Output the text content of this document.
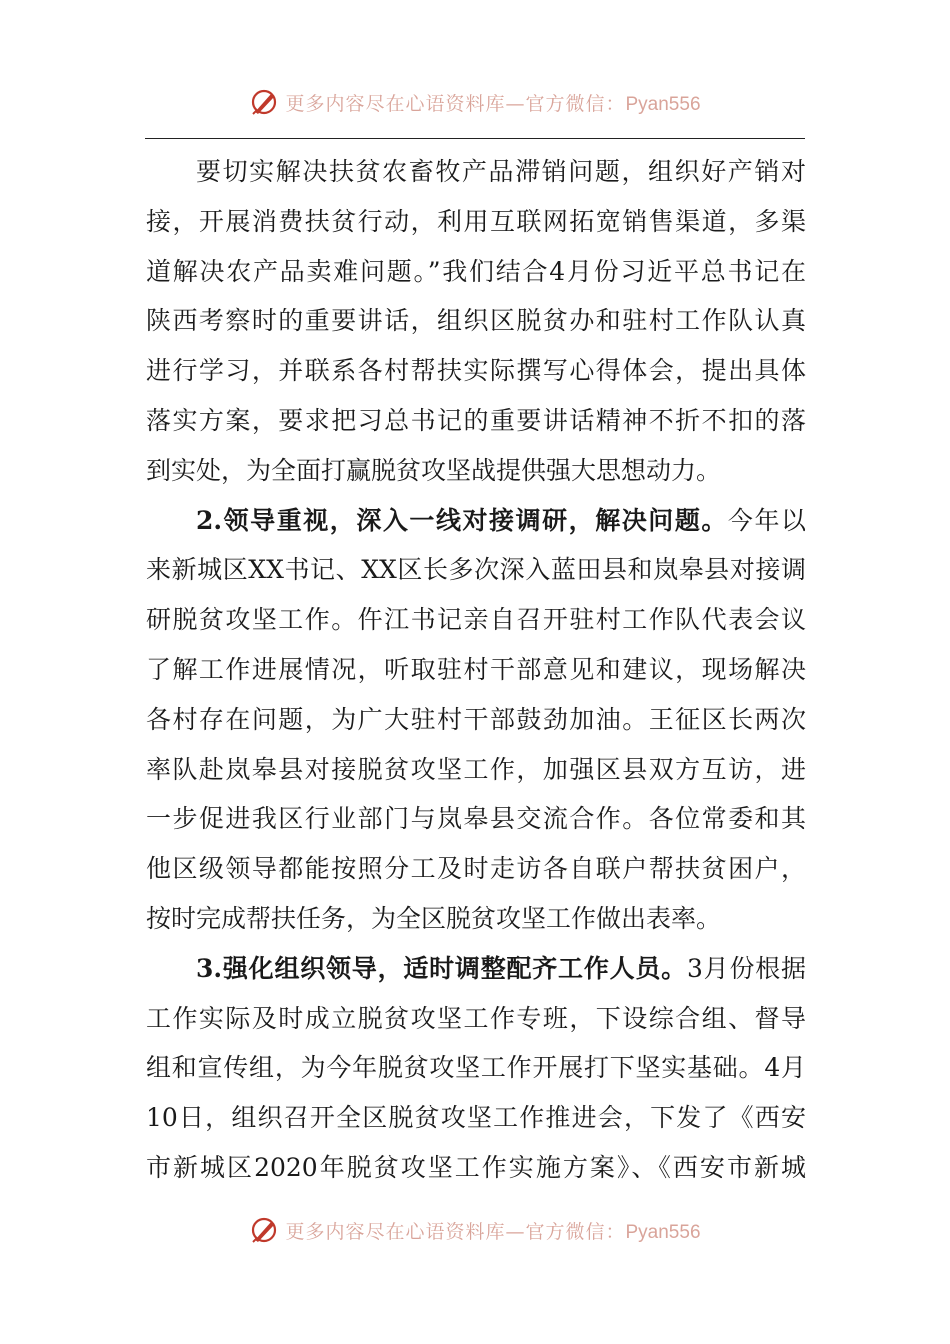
更多内容尽在心语资料库—官方微信：Pyan556
要切实解决扶贫农畜牧产品滞销问题，组织好产销对
接，开展消费扶贫行动，利用互联网拓宽销售渠道，多渠
道解决农产品卖难问题。”我们结合4月份习近平总书记在
陕西考察时的重要讲话，组织区脱贫办和驻村工作队认真
进行学习，并联系各村帮扶实际撰写心得体会，提出具体
落实方案，要求把习总书记的重要讲话精神不折不扣的落
到实处，为全面打赢脱贫攻坚战提供强大思想动力。
2.领导重视，深入一线对接调研，解决问题。今年以
来新城区XX书记、XX区长多次深入蓝田县和岚皋县对接调
研脱贫攻坚工作。仵江书记亲自召开驻村工作队代表会议
了解工作进展情况，听取驻村干部意见和建议，现场解决
各村存在问题，为广大驻村干部鼓劲加油。王征区长两次
率队赴岚皋县对接脱贫攻坚工作，加强区县双方互访，进
一步促进我区行业部门与岚皋县交流合作。各位常委和其
他区级领导都能按照分工及时走访各自联户帮扶贫困户，
按时完成帮扶任务，为全区脱贫攻坚工作做出表率。
3.强化组织领导，适时调整配齐工作人员。3月份根据
工作实际及时成立脱贫攻坚工作专班，下设综合组、督导
组和宣传组，为今年脱贫攻坚工作开展打下坚实基础。4月
10日，组织召开全区脱贫攻坚工作推进会，下发了《西安
市新城区2020年脱贫攻坚工作实施方案》、《西安市新城
更多内容尽在心语资料库—官方微信：Pyan556
